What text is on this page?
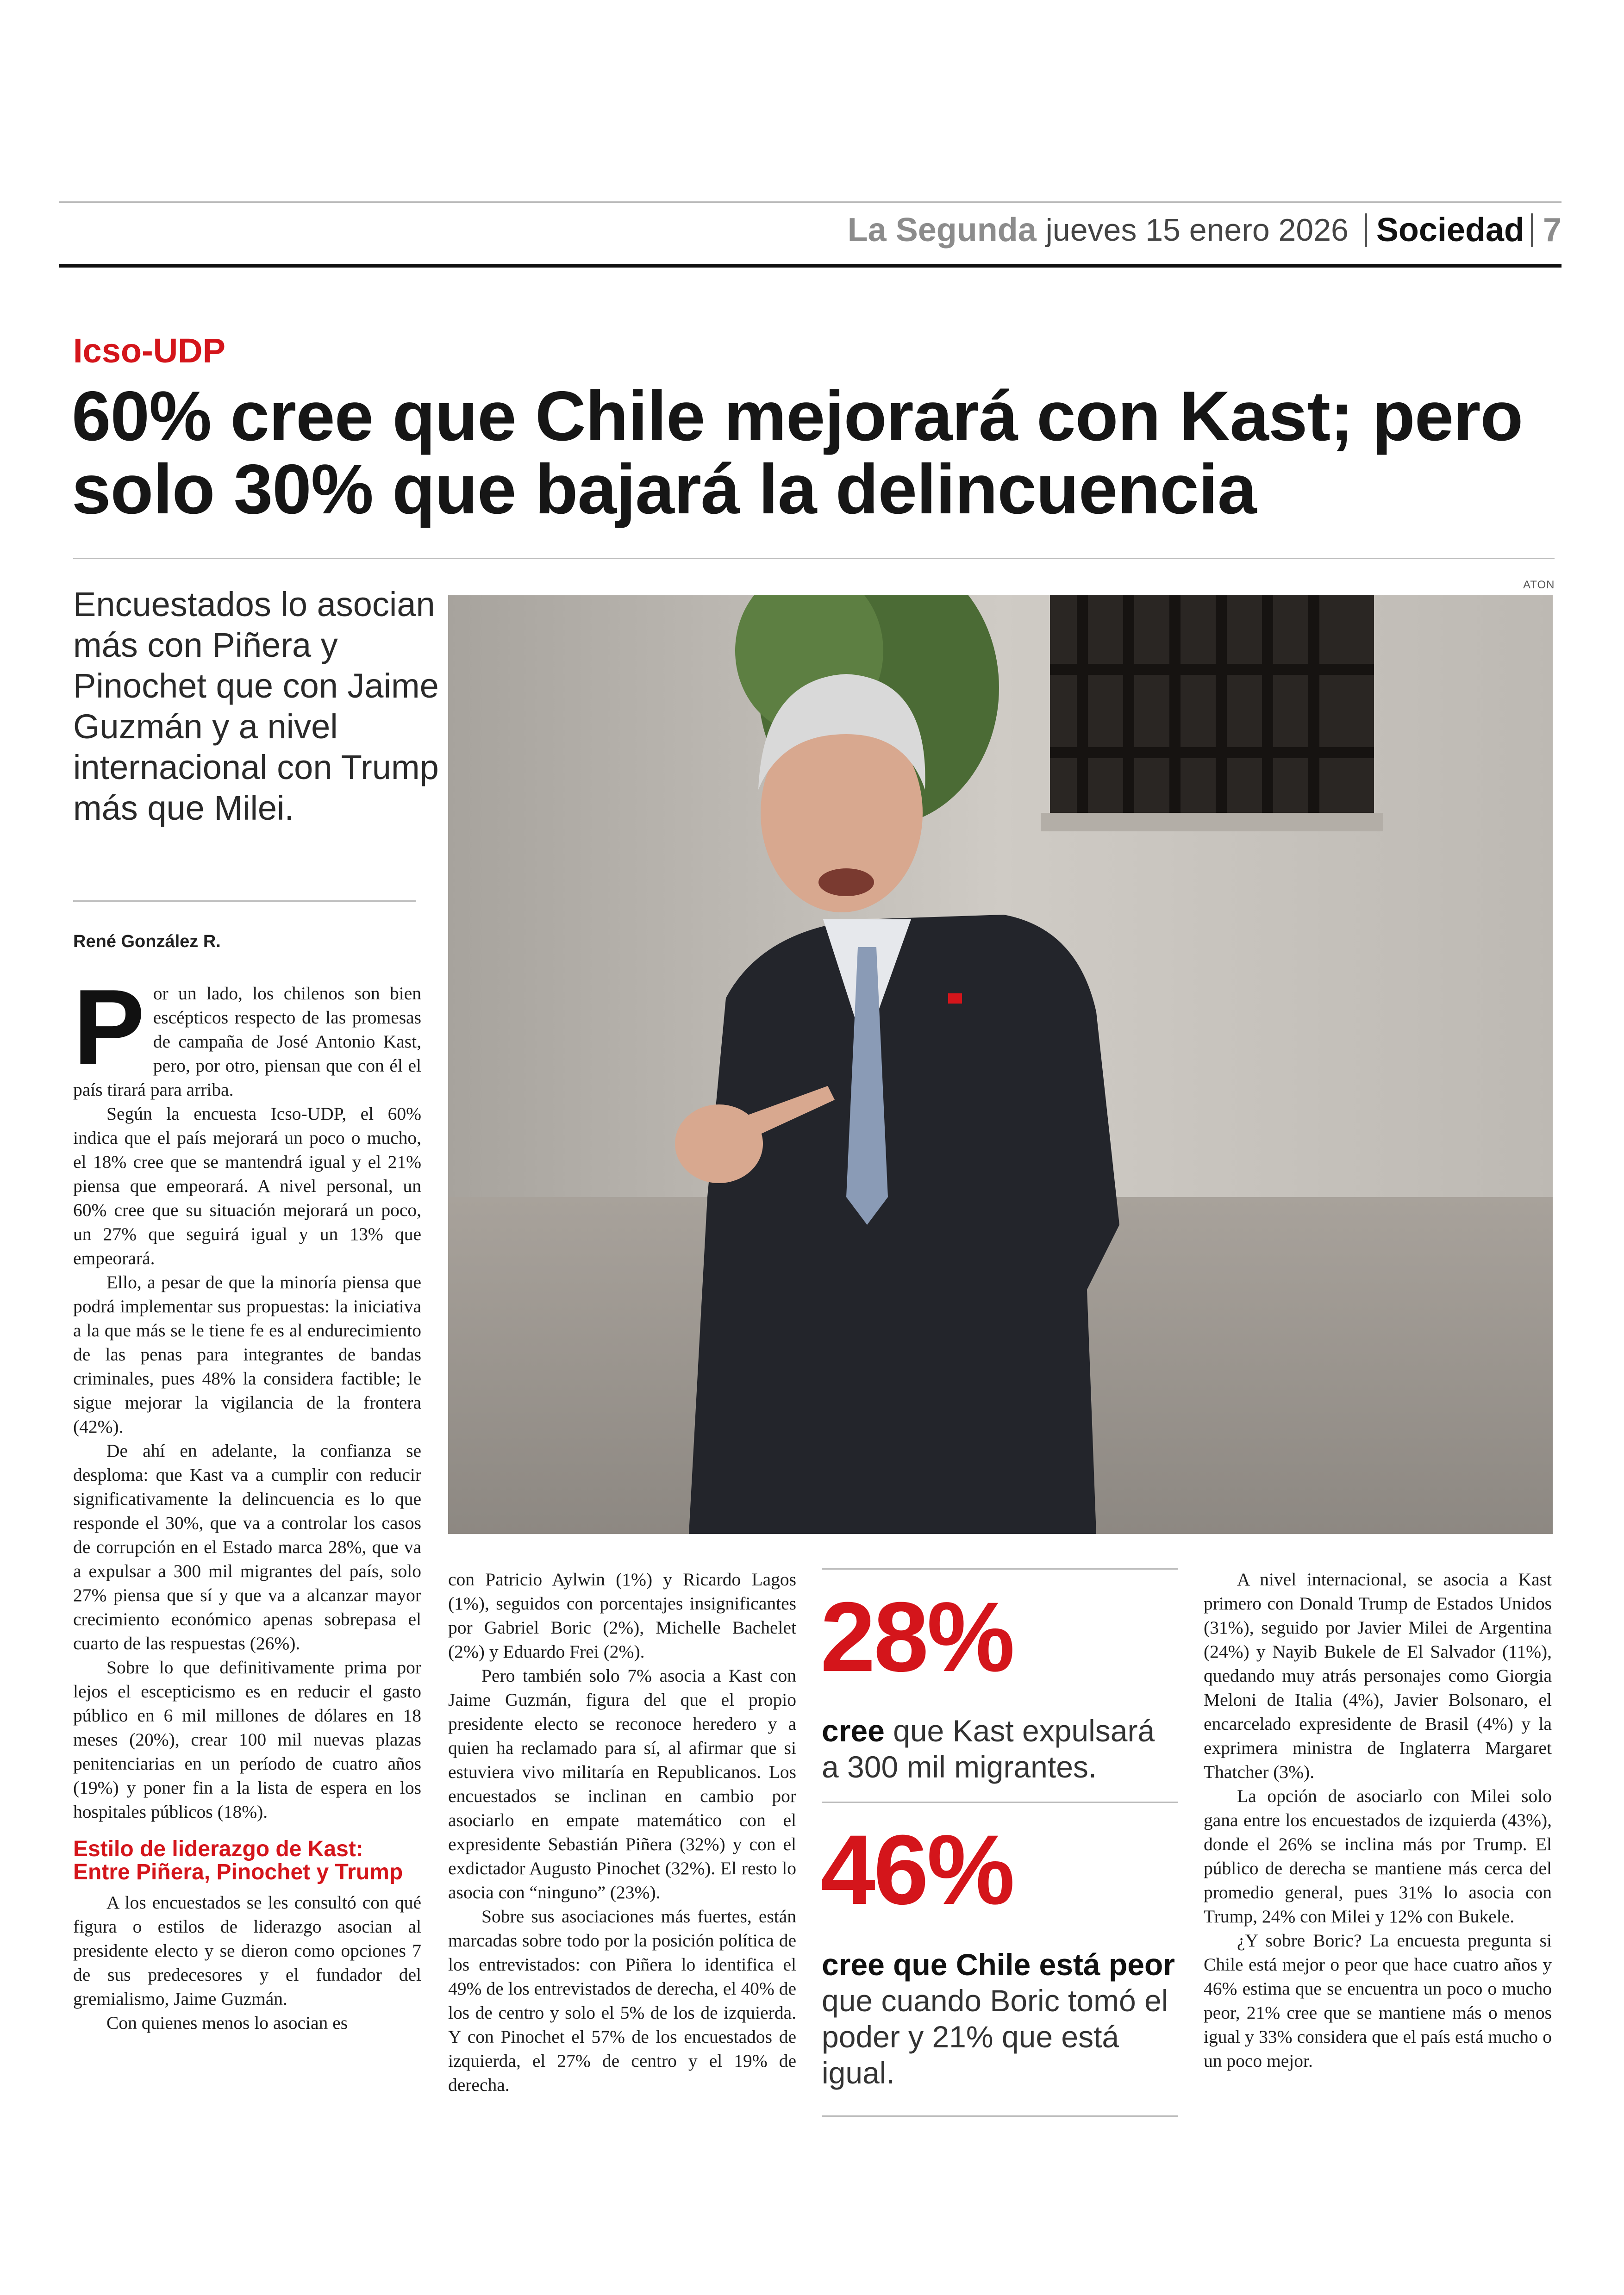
La Segunda jueves 15 enero 2026 Sociedad 7
Icso-UDP
60% cree que Chile mejorará con Kast; pero solo 30% que bajará la delincuencia

Encuestados lo asocian más con Piñera y Pinochet que con Jaime Guzmán y a nivel internacional con Trump más que Milei.

René González R.
ATON
P or un lado, los chilenos son bien escépticos respecto de las promesas de campaña de José Antonio Kast, pero, por otro, piensan que con él el país tirará para arriba.

Según la encuesta Icso-UDP, el 60% indica que el país mejorará un poco o mucho, el 18% cree que se mantendrá igual y el 21% piensa que empeorará. A nivel personal, un 60% cree que su situación mejorará un poco, un 27% que seguirá igual y un 13% que empeorará.

Ello, a pesar de que la minoría piensa que podrá implementar sus propuestas: la iniciativa a la que más se le tiene fe es al endurecimiento de las penas para integrantes de bandas criminales, pues 48% la considera factible; le sigue mejorar la vigilancia de la frontera (42%).

De ahí en adelante, la confianza se desploma: que Kast va a cumplir con reducir significativamente la delincuencia es lo que responde el 30%, que va a controlar los casos de corrupción en el Estado marca 28%, que va a expulsar a 300 mil migrantes del país, solo 27% piensa que sí y que va a alcanzar mayor crecimiento económico apenas sobrepasa el cuarto de las respuestas (26%).

Sobre lo que definitivamente prima por lejos el escepticismo es en reducir el gasto público en 6 mil millones de dólares en 18 meses (20%), crear 100 mil nuevas plazas penitenciarias en un período de cuatro años (19%) y poner fin a la lista de espera en los hospitales públicos (18%).

Estilo de liderazgo de Kast: Entre Piñera, Pinochet y Trump

A los encuestados se les consultó con qué figura o estilos de liderazgo asocian al presidente electo y se dieron como opciones 7 de sus predecesores y el fundador del gremialismo, Jaime Guzmán.

Con quienes menos lo asocian es

con Patricio Aylwin (1%) y Ricardo Lagos (1%), seguidos con porcentajes insignificantes por Gabriel Boric (2%), Michelle Bachelet (2%) y Eduardo Frei (2%).

Pero también solo 7% asocia a Kast con Jaime Guzmán, figura del que el propio presidente electo se reconoce heredero y a quien ha reclamado para sí, al afirmar que si estuviera vivo militaría en Republicanos. Los encuestados se inclinan en cambio por asociarlo en empate matemático con el expresidente Sebastián Piñera (32%) y con el exdictador Augusto Pinochet (32%). El resto lo asocia con “ninguno” (23%).

Sobre sus asociaciones más fuertes, están marcadas sobre todo por la posición política de los entrevistados: con Piñera lo identifica el 49% de los entrevistados de derecha, el 40% de los de centro y solo el 5% de los de izquierda. Y con Pinochet el 57% de los encuestados de izquierda, el 27% de centro y el 19% de derecha.

28%
cree que Kast expulsará a 300 mil migrantes.
46%
cree que Chile está peor que cuando Boric tomó el poder y 21% que está igual.

A nivel internacional, se asocia a Kast primero con Donald Trump de Estados Unidos (31%), seguido por Javier Milei de Argentina (24%) y Nayib Bukele de El Salvador (11%), quedando muy atrás personajes como Giorgia Meloni de Italia (4%), Javier Bolsonaro, el encarcelado expresidente de Brasil (4%) y la exprimera ministra de Inglaterra Margaret Thatcher (3%).

La opción de asociarlo con Milei solo gana entre los encuestados de izquierda (43%), donde el 26% se inclina más por Trump. El público de derecha se mantiene más cerca del promedio general, pues 31% lo asocia con Trump, 24% con Milei y 12% con Bukele.

¿Y sobre Boric? La encuesta pregunta si Chile está mejor o peor que hace cuatro años y 46% estima que se encuentra un poco o mucho peor, 21% cree que se mantiene más o menos igual y 33% considera que el país está mucho o un poco mejor.
